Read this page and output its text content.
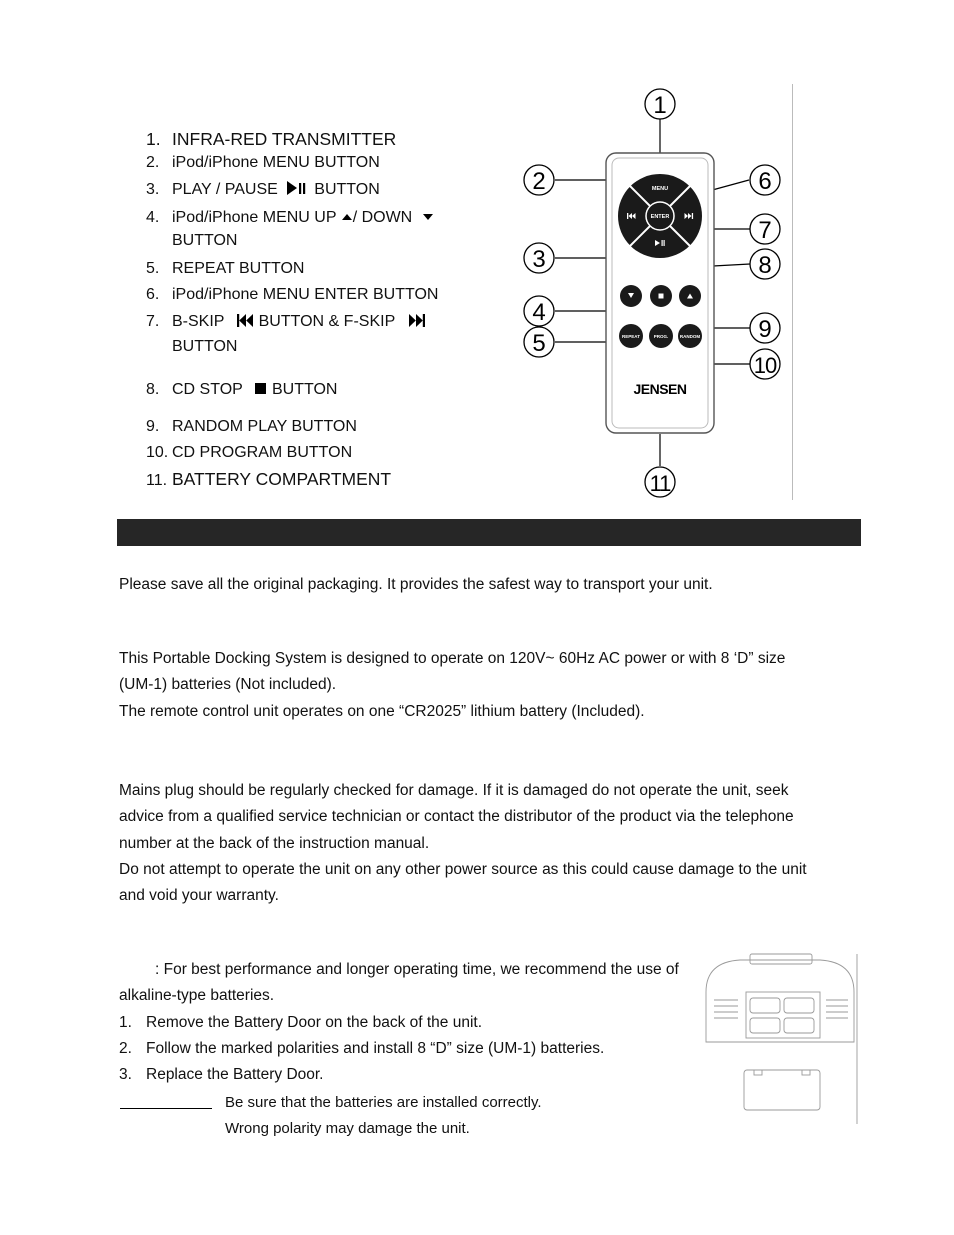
1. INFRA-RED TRANSMITTER
2. iPod/iPhone MENU BUTTON
3. PLAY / PAUSE BUTTON
4. iPod/iPhone MENU UP / DOWN
BUTTON
5. REPEAT BUTTON
6. iPod/iPhone MENU ENTER BUTTON
7. B-SKIP BUTTON & F-SKIP
BUTTON
8. CD STOP BUTTON
9. RANDOM PLAY BUTTON
10. CD PROGRAM BUTTON
11. BATTERY COMPARTMENT
ENTER
MENU
REPEAT	PROG.	RANDOM
JENSEN
1
2
3
4
5
6
7
8
9
10
11
Please save all the original packaging. It provides the safest way to transport your unit.
This Portable Docking System is designed to operate on 120V~ 60Hz AC power or with 8 ‘D” size
(UM-1) batteries (Not included).
The remote control unit operates on one “CR2025” lithium battery (Included).
Mains plug should be regularly checked for damage. If it is damaged do not operate the unit, seek
advice from a qualified service technician or contact the distributor of the product via the telephone
number at the back of the instruction manual.
Do not attempt to operate the unit on any other power source as this could cause damage to the unit
and void your warranty.
: For best performance and longer operating time, we recommend the use of
alkaline-type batteries.
1. Remove the Battery Door on the back of the unit.
2. Follow the marked polarities and install 8 “D” size (UM-1) batteries.
3. Replace the Battery Door.
Be sure that the batteries are installed correctly.
Wrong polarity may damage the unit.
